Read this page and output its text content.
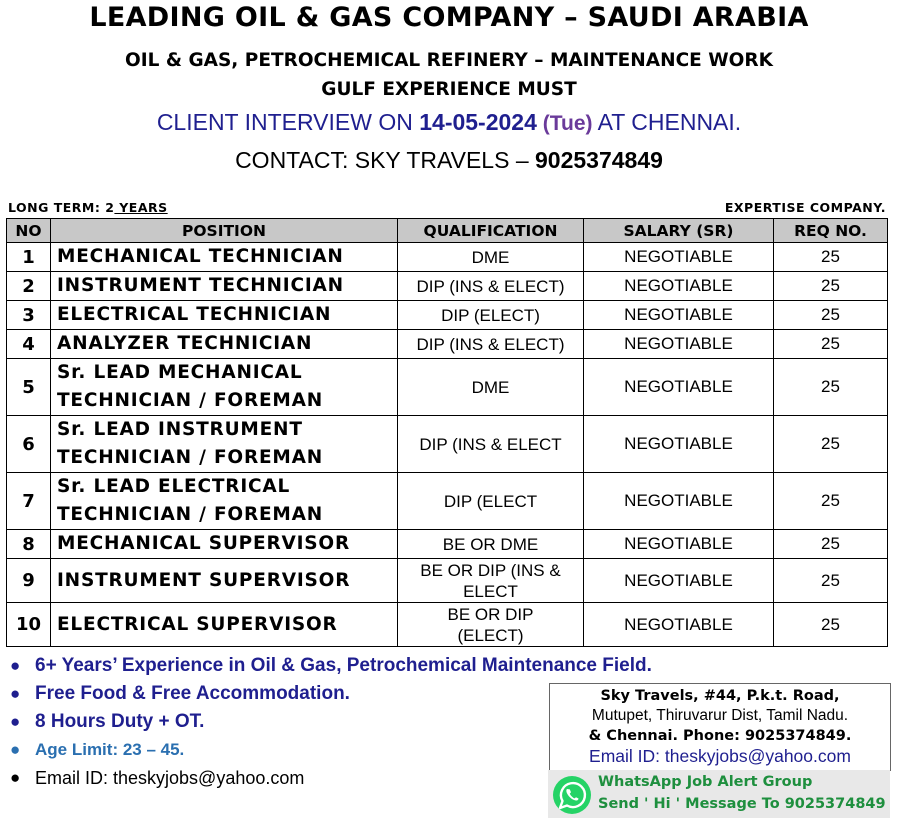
LEADING OIL & GAS COMPANY – SAUDI ARABIA
OIL & GAS, PETROCHEMICAL REFINERY – MAINTENANCE WORK
GULF EXPERIENCE MUST
CLIENT INTERVIEW ON 14-05-2024 (Tue) AT CHENNAI.
CONTACT: SKY TRAVELS – 9025374849
LONG TERM: 2 YEARS	EXPERTISE COMPANY.
NO	POSITION	QUALIFICATION	SALARY (SR)	REQ NO.
1	MECHANICAL TECHNICIAN	DME	NEGOTIABLE	25
2	INSTRUMENT TECHNICIAN	DIP (INS & ELECT)	NEGOTIABLE	25
3	ELECTRICAL TECHNICIAN	DIP (ELECT)	NEGOTIABLE	25
4	ANALYZER TECHNICIAN	DIP (INS & ELECT)	NEGOTIABLE	25
5	Sr. LEAD MECHANICAL
TECHNICIAN / FOREMAN	DME	NEGOTIABLE	25
6	Sr. LEAD INSTRUMENT
TECHNICIAN / FOREMAN	DIP (INS & ELECT	NEGOTIABLE	25
7	Sr. LEAD ELECTRICAL
TECHNICIAN / FOREMAN	DIP (ELECT	NEGOTIABLE	25
8	MECHANICAL SUPERVISOR	BE OR DME	NEGOTIABLE	25
9	INSTRUMENT SUPERVISOR	BE OR DIP (INS &
ELECT	NEGOTIABLE	25
10	ELECTRICAL SUPERVISOR	BE OR DIP
(ELECT)	NEGOTIABLE	25
● 6+ Years’ Experience in Oil & Gas, Petrochemical Maintenance Field.
● Free Food & Free Accommodation.
● 8 Hours Duty + OT.
● Age Limit: 23 – 45.
● Email ID: theskyjobs@yahoo.com
Sky Travels, #44, P.k.t. Road,
Mutupet, Thiruvarur Dist, Tamil Nadu.
& Chennai. Phone: 9025374849.
Email ID: theskyjobs@yahoo.com
WhatsApp Job Alert Group
Send ' Hi ' Message To 9025374849
